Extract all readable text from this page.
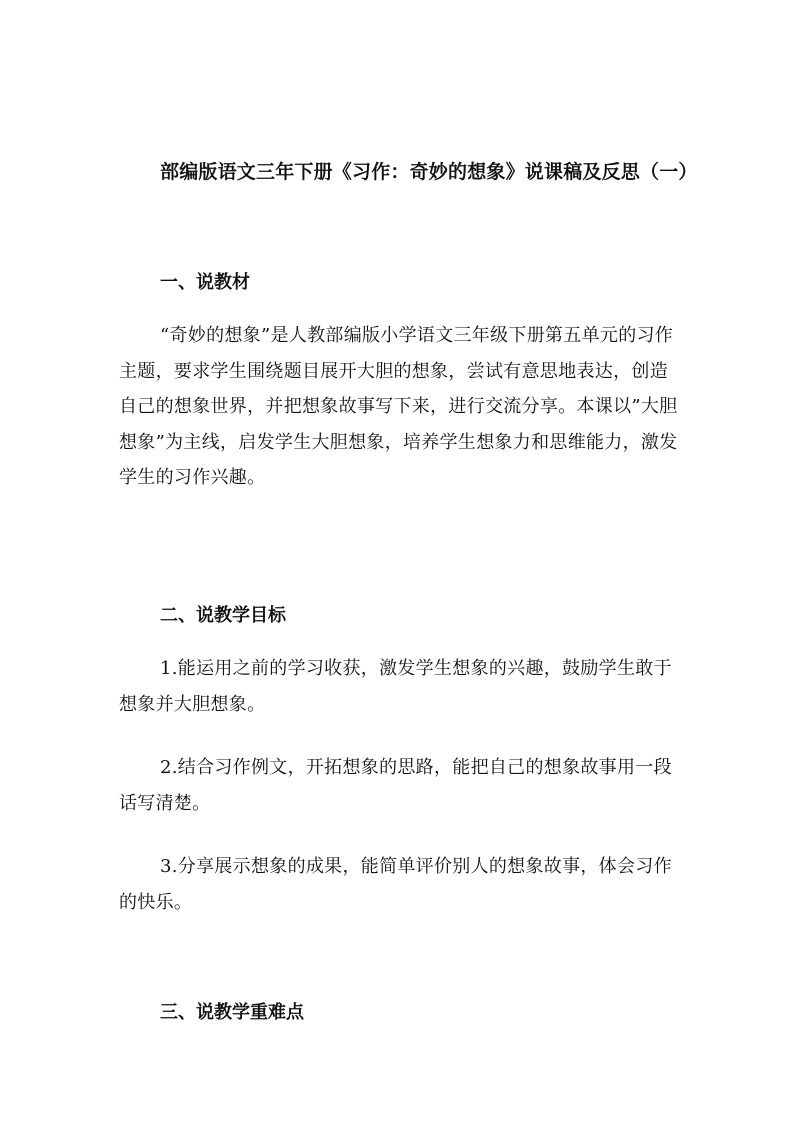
部编版语文三年下册《习作：奇妙的想象》说课稿及反思（一）
一、说教材

“奇妙的想象”是人教部编版小学语文三年级下册第五单元的习作主题，要求学生围绕题目展开大胆的想象，尝试有意思地表达，创造自己的想象世界，并把想象故事写下来，进行交流分享。本课以”大胆想象”为主线，启发学生大胆想象，培养学生想象力和思维能力，激发学生的习作兴趣。

二、说教学目标

1.能运用之前的学习收获，激发学生想象的兴趣，鼓励学生敢于想象并大胆想象。

2.结合习作例文，开拓想象的思路，能把自己的想象故事用一段话写清楚。

3.分享展示想象的成果，能简单评价别人的想象故事，体会习作的快乐。

三、说教学重难点
